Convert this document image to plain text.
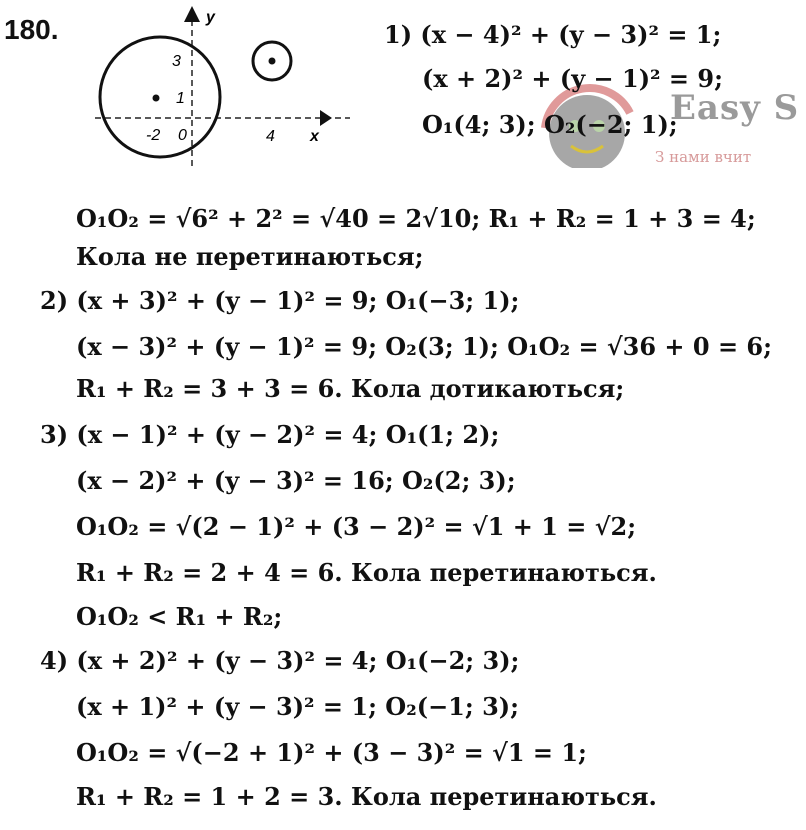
180.	y
x
3
1
-2 0	4
Easy S
З нами вчит
1) (x − 4)² + (y − 3)² = 1;
(x + 2)² + (y − 1)² = 9;
O₁(4; 3); O₂(−2; 1);
O₁O₂ = √6² + 2² = √40 = 2√10; R₁ + R₂ = 1 + 3 = 4;
Кола не перетинаються;
2) (x + 3)² + (y − 1)² = 9; O₁(−3; 1);
(x − 3)² + (y − 1)² = 9; O₂(3; 1); O₁O₂ = √36 + 0 = 6;
R₁ + R₂ = 3 + 3 = 6. Кола дотикаються;
3) (x − 1)² + (y − 2)² = 4; O₁(1; 2);
(x − 2)² + (y − 3)² = 16; O₂(2; 3);
O₁O₂ = √(2 − 1)² + (3 − 2)² = √1 + 1 = √2;
R₁ + R₂ = 2 + 4 = 6. Кола перетинаються.
O₁O₂ < R₁ + R₂;
4) (x + 2)² + (y − 3)² = 4; O₁(−2; 3);
(x + 1)² + (y − 3)² = 1; O₂(−1; 3);
O₁O₂ = √(−2 + 1)² + (3 − 3)² = √1 = 1;
R₁ + R₂ = 1 + 2 = 3. Кола перетинаються.
